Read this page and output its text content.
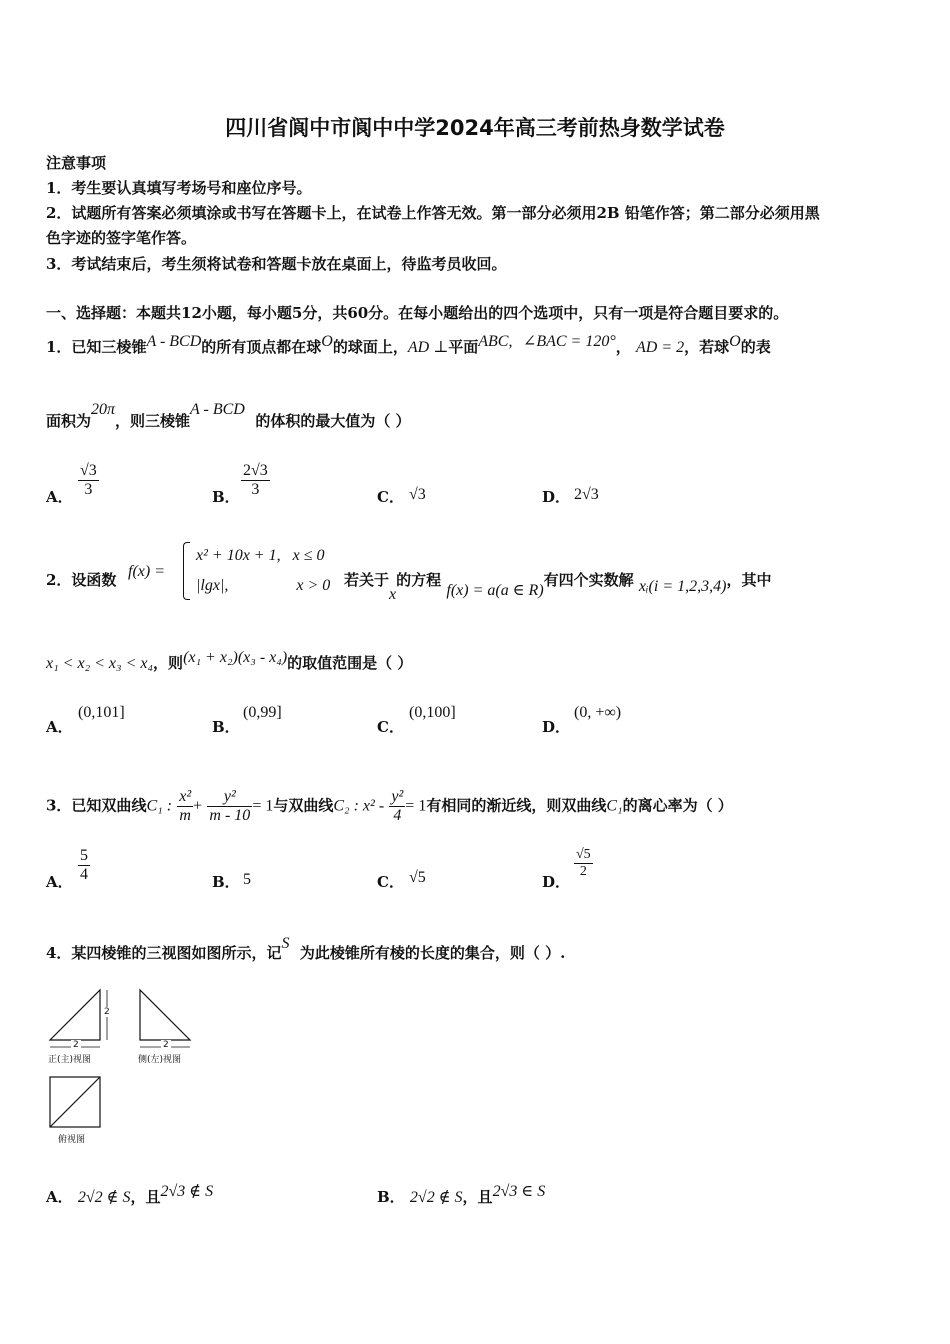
四川省阆中市阆中中学2024年高三考前热身数学试卷
注意事项
1．考生要认真填写考场号和座位序号。
2．试题所有答案必须填涂或书写在答题卡上，在试卷上作答无效。第一部分必须用2B 铅笔作答；第二部分必须用黑
色字迹的签字笔作答。
3．考试结束后，考生须将试卷和答题卡放在桌面上，待监考员收回。
一、选择题：本题共12小题，每小题5分，共60分。在每小题给出的四个选项中，只有一项是符合题目要求的。
1．已知三棱锥A - BCD的所有顶点都在球O的球面上，AD ⊥平面ABC, ∠BAC = 120°， AD = 2，若球O的表
面积为20π，则三棱锥A - BCD  的体积的最大值为（ ）
A． $\frac{√3}{3}$	B． $\frac{2√3}{3}$	C． √3	D． 2√3
2．设函数 f(x) =
x² + 10x + 1,   x ≤ 0
|lgx|,                 x > 0 若关于x的方程 f(x) = a(a ∈ R)有四个实数解 xᵢ(i = 1,2,3,4)，其中
x₁ < x₂ < x₃ < x₄，则(x₁ + x₂)(x₃ - x₄)的取值范围是（ ）
A．
(0,101]
B．
(0,99]
C．
(0,100]
D．
(0, +∞)
3．已知双曲线C₁ : $\frac{\text{x²}}{m} + \frac{\text{y²}}{m - 10} = 1$与双曲线C₂ : $x^2 - \frac{\text{y²}}{4} = 1$有相同的渐近线，则双曲线C₁的离心率为（ ）
A． $\frac{5}{4}$	B． 5	C． √5	D．
$\frac{√5}{2}$
4．某四棱锥的三视图如图所示，记S  为此棱锥所有棱的长度的集合，则（ ）.
2
2
2
正(主)视图	侧(左)视图
俯视图
A． 2√2 ∉ S，且2√3 ∉ S	B． 2√2 ∉ S，且2√3 ∈ S
